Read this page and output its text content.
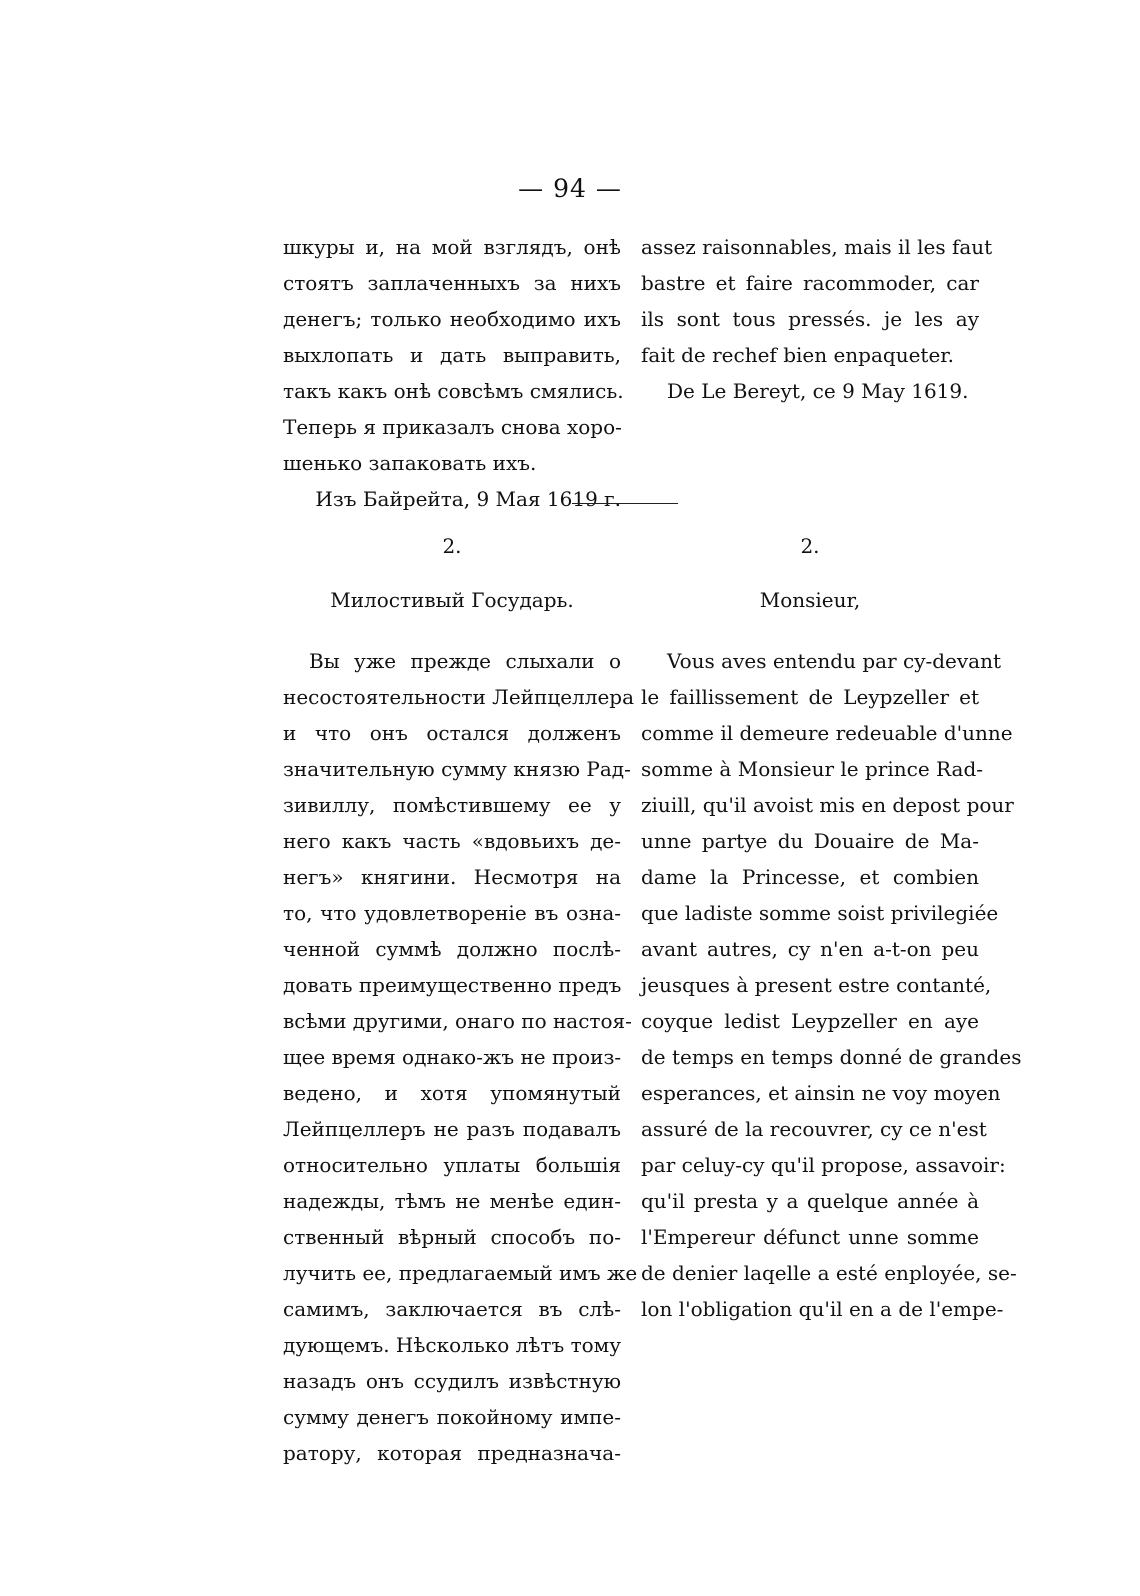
— 94 —
шкуры и, на мой взглядъ, онѣ
стоятъ заплаченныхъ за нихъ
денегъ; только необходимо ихъ
выхлопать и дать выправить,
такъ какъ онѣ совсѣмъ смялись.
Теперь я приказалъ снова хоро-
шенько запаковать ихъ.
Изъ Байрейта, 9 Мая 1619 г.
assez raisonnables, mais il les faut
bastre et faire racommoder, car
ils sont tous pressés. je les ay
fait de rechef bien enpaqueter.
De Le Bereyt, ce 9 May 1619.
2.	2.
Милостивый Государь.	Monsieur,
Вы уже прежде слыхали о
несостоятельности Лейпцеллера
и что онъ остался долженъ
значительную сумму князю Рад-
зивиллу, помѣстившему ее у
него какъ часть «вдовьихъ де-
негъ» княгини. Несмотря на
то, что удовлетвореніе въ озна-
ченной суммѣ должно послѣ-
довать преимущественно предъ
всѣми другими, онаго по настоя-
щее время однако-жъ не произ-
ведено, и хотя упомянутый
Лейпцеллеръ не разъ подавалъ
относительно уплаты большія
надежды, тѣмъ не менѣе един-
ственный вѣрный способъ по-
лучить ее, предлагаемый имъ же
самимъ, заключается въ слѣ-
дующемъ. Нѣсколько лѣтъ тому
назадъ онъ ссудилъ извѣстную
сумму денегъ покойному импе-
ратору, которая предназнача-
Vous aves entendu par cy-devant
le faillissement de Leypzeller et
comme il demeure redeuable d'unne
somme à Monsieur le prince Rad-
ziuill, qu'il avoist mis en depost pour
unne partye du Douaire de Ma-
dame la Princesse, et combien
que ladiste somme soist privilegiée
avant autres, cy n'en a-t-on peu
jeusques à present estre contanté,
coyque ledist Leypzeller en aye
de temps en temps donné de grandes
esperances, et ainsin ne voy moyen
assuré de la recouvrer, cy ce n'est
par celuy-cy qu'il propose, assavoir:
qu'il presta y a quelque année à
l'Empereur défunct unne somme
de denier laqelle a esté enployée, se-
lon l'obligation qu'il en a de l'empe-
